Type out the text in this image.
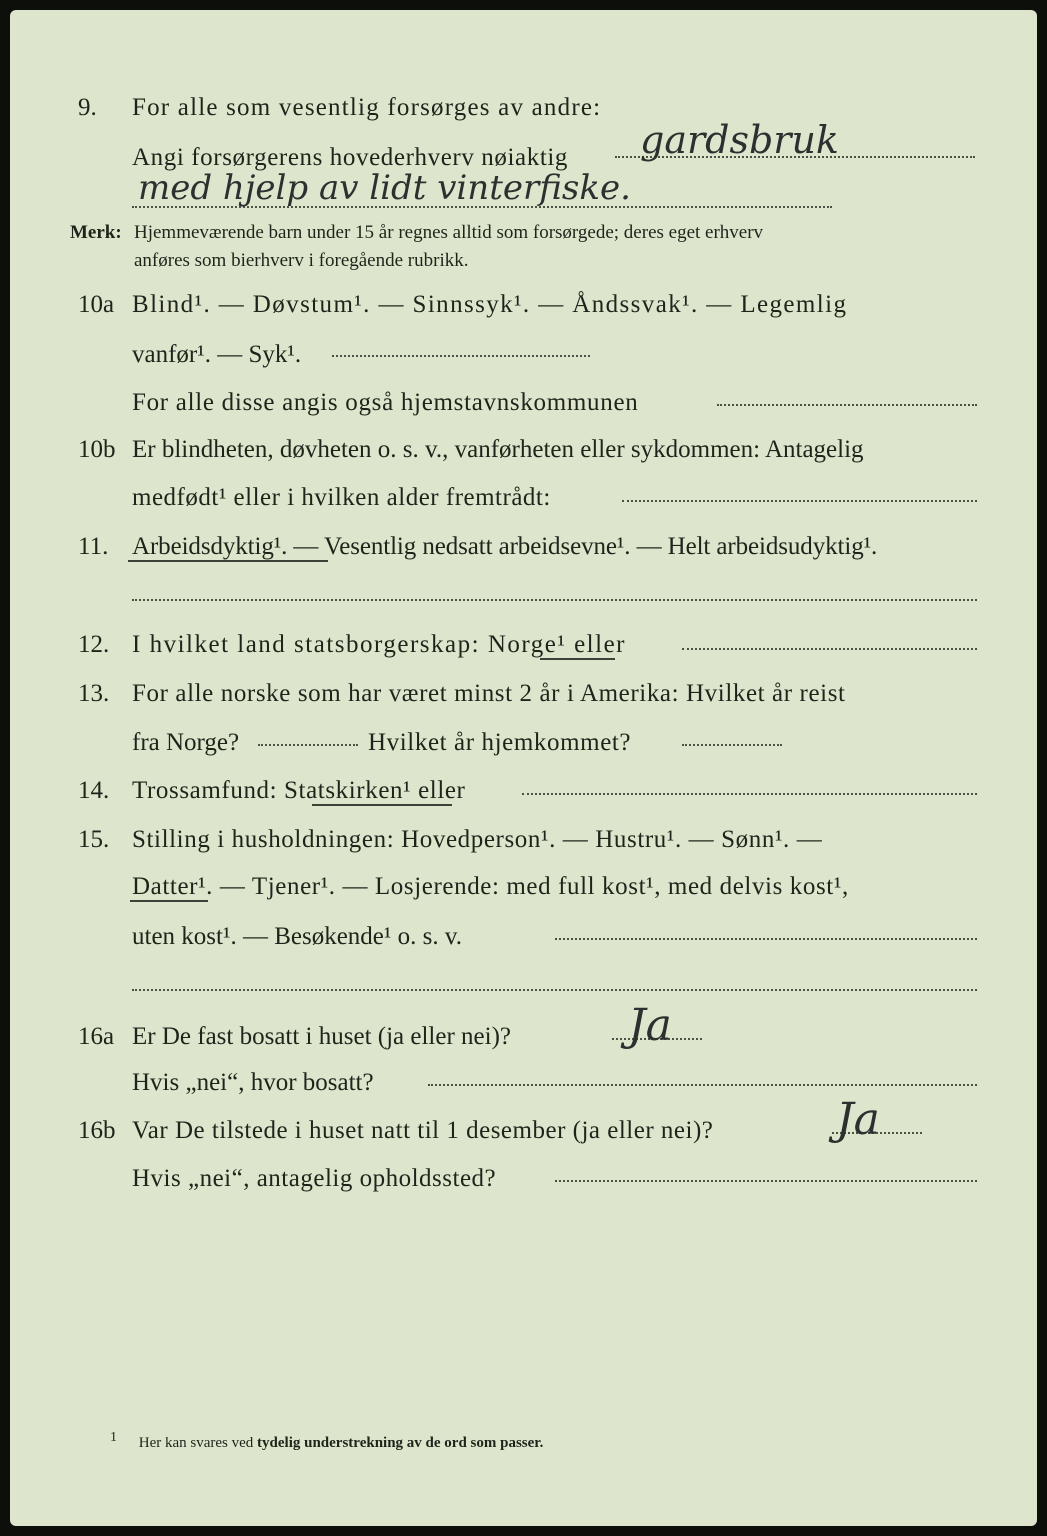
9. For alle som vesentlig forsørges av andre:
Angi forsørgerens hovederhverv nøiaktig gardsbruk
med hjelp av lidt vinterfiske.
Merk: Hjemmeværende barn under 15 år regnes alltid som forsørgede; deres eget erhverv
anføres som bierhverv i foregående rubrikk.
10a Blind¹. — Døvstum¹. — Sinnssyk¹. — Åndssvak¹. — Legemlig
vanfør¹. — Syk¹.
For alle disse angis også hjemstavnskommunen
10b Er blindheten, døvheten o. s. v., vanførheten eller sykdommen: Antagelig
medfødt¹ eller i hvilken alder fremtrådt:
11. Arbeidsdyktig¹. — Vesentlig nedsatt arbeidsevne¹. — Helt arbeidsudyktig¹.
12. I hvilket land statsborgerskap: Norge¹ eller
13. For alle norske som har været minst 2 år i Amerika: Hvilket år reist
fra Norge?	Hvilket år hjemkommet?
14. Trossamfund: Statskirken¹ eller
15. Stilling i husholdningen: Hovedperson¹. — Hustru¹. — Sønn¹. —
Datter¹. — Tjener¹. — Losjerende: med full kost¹, med delvis kost¹,
uten kost¹. — Besøkende¹ o. s. v.
16a Er De fast bosatt i huset (ja eller nei)?	Ja
Hvis „nei“, hvor bosatt?
16b Var De tilstede i huset natt til 1 desember (ja eller nei)?	Ja
Hvis „nei“, antagelig opholdssted?
1 Her kan svares ved tydelig understrekning av de ord som passer.
